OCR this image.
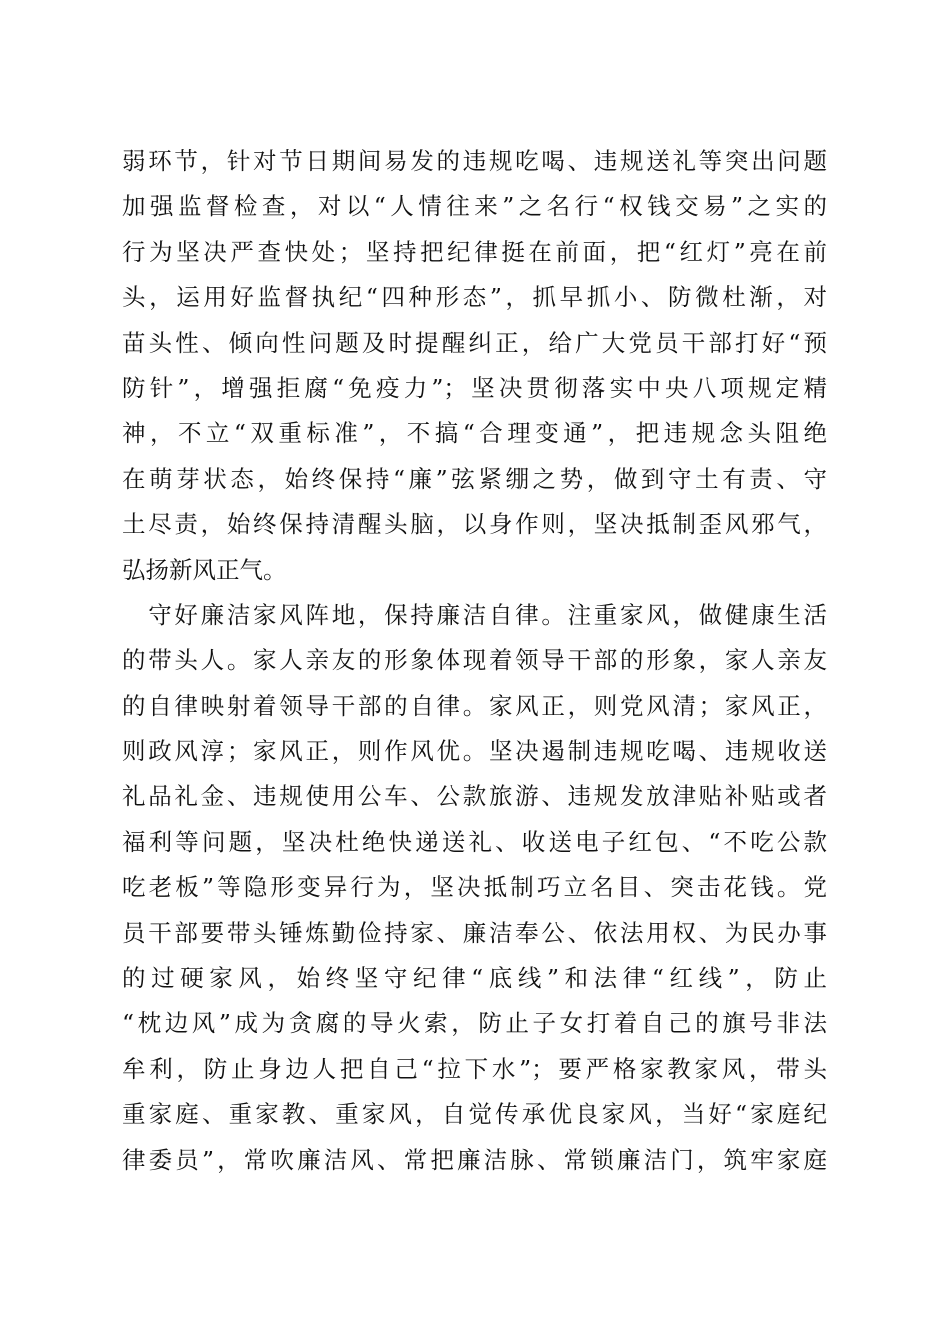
弱环节，针对节日期间易发的违规吃喝、违规送礼等突出问题
加强监督检查，对以“人情往来”之名行“权钱交易”之实的
行为坚决严查快处；坚持把纪律挺在前面，把“红灯”亮在前
头，运用好监督执纪“四种形态”，抓早抓小、防微杜渐，对
苗头性、倾向性问题及时提醒纠正，给广大党员干部打好“预
防针”，增强拒腐“免疫力”；坚决贯彻落实中央八项规定精
神，不立“双重标准”，不搞“合理变通”，把违规念头阻绝
在萌芽状态，始终保持“廉”弦紧绷之势，做到守土有责、守
土尽责，始终保持清醒头脑，以身作则，坚决抵制歪风邪气，
弘扬新风正气。
　守好廉洁家风阵地，保持廉洁自律。注重家风，做健康生活
的带头人。家人亲友的形象体现着领导干部的形象，家人亲友
的自律映射着领导干部的自律。家风正，则党风清；家风正，
则政风淳；家风正，则作风优。坚决遏制违规吃喝、违规收送
礼品礼金、违规使用公车、公款旅游、违规发放津贴补贴或者
福利等问题，坚决杜绝快递送礼、收送电子红包、“不吃公款
吃老板”等隐形变异行为，坚决抵制巧立名目、突击花钱。党
员干部要带头锤炼勤俭持家、廉洁奉公、依法用权、为民办事
的过硬家风，始终坚守纪律“底线”和法律“红线”，防止
“枕边风”成为贪腐的导火索，防止子女打着自己的旗号非法
牟利，防止身边人把自己“拉下水”；要严格家教家风，带头
重家庭、重家教、重家风，自觉传承优良家风，当好“家庭纪
律委员”，常吹廉洁风、常把廉洁脉、常锁廉洁门，筑牢家庭
